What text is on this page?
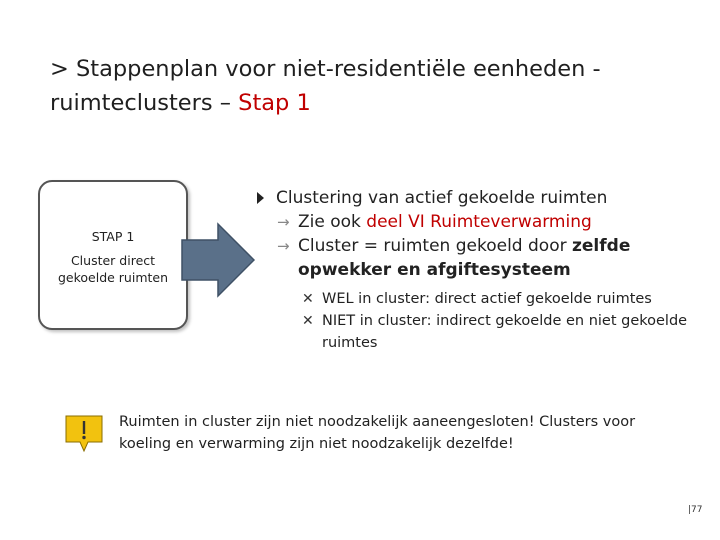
> Stappenplan voor niet-residentiële eenheden -
ruimteclusters – Stap 1
STAP 1
Cluster direct
gekoelde ruimten
Clustering van actief gekoelde ruimten
→ Zie ook deel VI Ruimteverwarming
→ Cluster = ruimten gekoeld door zelfde opwekker en afgiftesysteem
✕ WEL in cluster: direct actief gekoelde ruimtes
✕ NIET in cluster: indirect gekoelde en niet gekoelde ruimtes
Ruimten in cluster zijn niet noodzakelijk aaneengesloten! Clusters voor koeling en verwarming zijn niet noodzakelijk dezelfde!
|77
